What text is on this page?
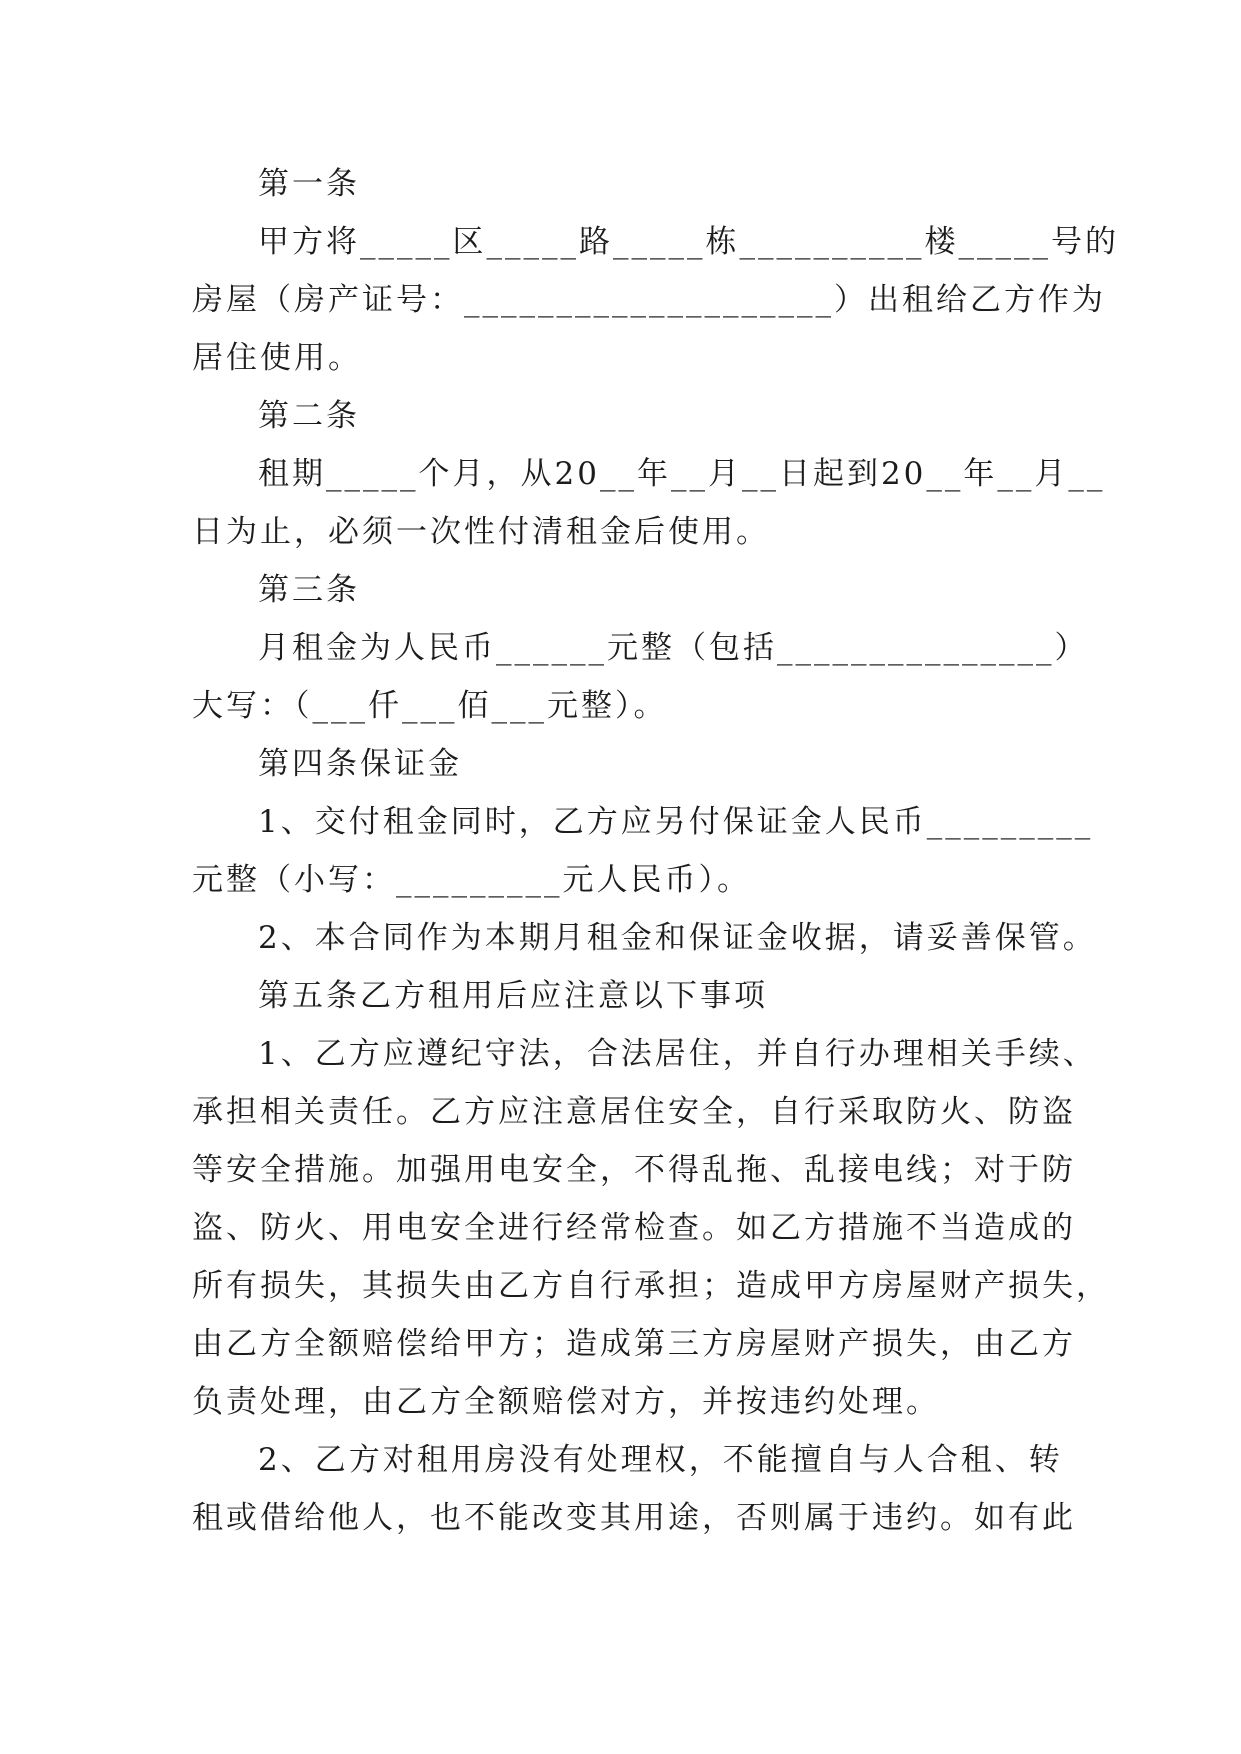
第一条
甲方将_____区_____路_____栋__________楼_____号的
房屋（房产证号：____________________）出租给乙方作为
居住使用。
第二条
租期_____个月，从20__年__月__日起到20__年__月__
日为止，必须一次性付清租金后使用。
第三条
月租金为人民币______元整（包括_______________）
大写：（___仟___佰___元整）。
第四条保证金
1、交付租金同时，乙方应另付保证金人民币_________
元整（小写：_________元人民币）。
2、本合同作为本期月租金和保证金收据，请妥善保管。
第五条乙方租用后应注意以下事项
1、乙方应遵纪守法，合法居住，并自行办理相关手续、
承担相关责任。乙方应注意居住安全，自行采取防火、防盗
等安全措施。加强用电安全，不得乱拖、乱接电线；对于防
盗、防火、用电安全进行经常检查。如乙方措施不当造成的
所有损失，其损失由乙方自行承担；造成甲方房屋财产损失，
由乙方全额赔偿给甲方；造成第三方房屋财产损失，由乙方
负责处理，由乙方全额赔偿对方，并按违约处理。
2、乙方对租用房没有处理权，不能擅自与人合租、转
租或借给他人，也不能改变其用途，否则属于违约。如有此
